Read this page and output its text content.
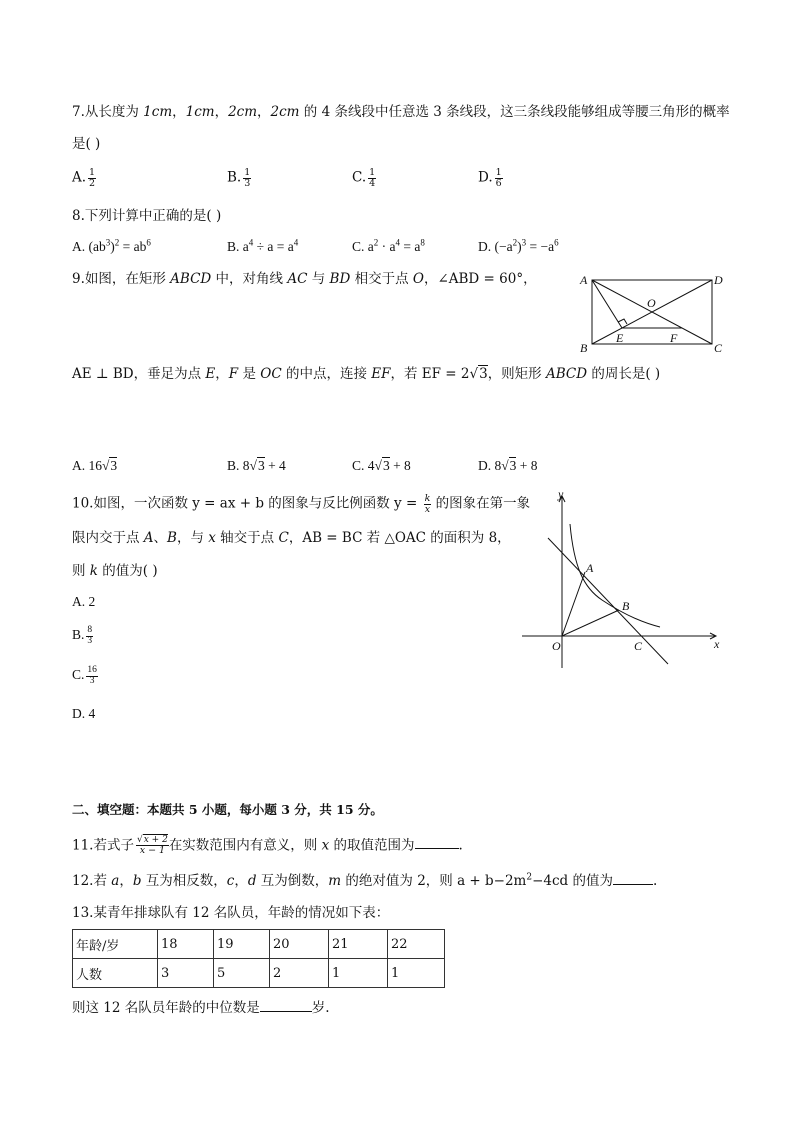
7.从长度为 1cm，1cm，2cm，2cm 的 4 条线段中任意选 3 条线段，这三条线段能够组成等腰三角形的概率
是( )
A. $\frac{1}{2}$	B. $\frac{1}{3}$	C. $\frac{1}{4}$	D. $\frac{1}{6}$
8.下列计算中正确的是( )
A. $(ab^3)^2 = ab^6$	B. $a^4 \div a = a^4$	C. $a^2 \cdot a^4 = a^8$	D. $(-a^2)^3 = -a^6$
9.如图，在矩形 ABCD 中，对角线 AC 与 BD 相交于点 O，∠ABD = 60°，	A	D
B	C
O
E	F
AE ⊥ BD，垂足为点 E，F 是 OC 的中点，连接 EF，若 EF = 2√3，则矩形 ABCD 的周长是( )
A. 16√3	B. 8√3 + 4	C. 4√3 + 8	D. 8√3 + 8
10.如图，一次函数 y = ax + b 的图象与反比例函数 $y = \frac{k}{x}$ 的图象在第一象
限内交于点 A、B，与 x 轴交于点 C，AB = BC 若 △OAC 的面积为 8，
则 k 的值为( )
A. 2
B. $\frac{8}{3}$
C. $\frac{16}{3}$
D. 4
y
x
O
A
B
C
二、填空题：本题共 5 小题，每小题 3 分，共 15 分。
11.若式子 $\frac{√x + 2}{x - 1}$ 在实数范围内有意义，则 x 的取值范围为	.
12.若 a，b 互为相反数，c，d 互为倒数，m 的绝对值为 2，则 $a + b-2m^2-4cd$ 的值为	.
13.某青年排球队有 12 名队员，年龄的情况如下表：
年龄/岁	18	19	20	21	22
人数	3	5	2	1	1
则这 12 名队员年龄的中位数是	岁.
